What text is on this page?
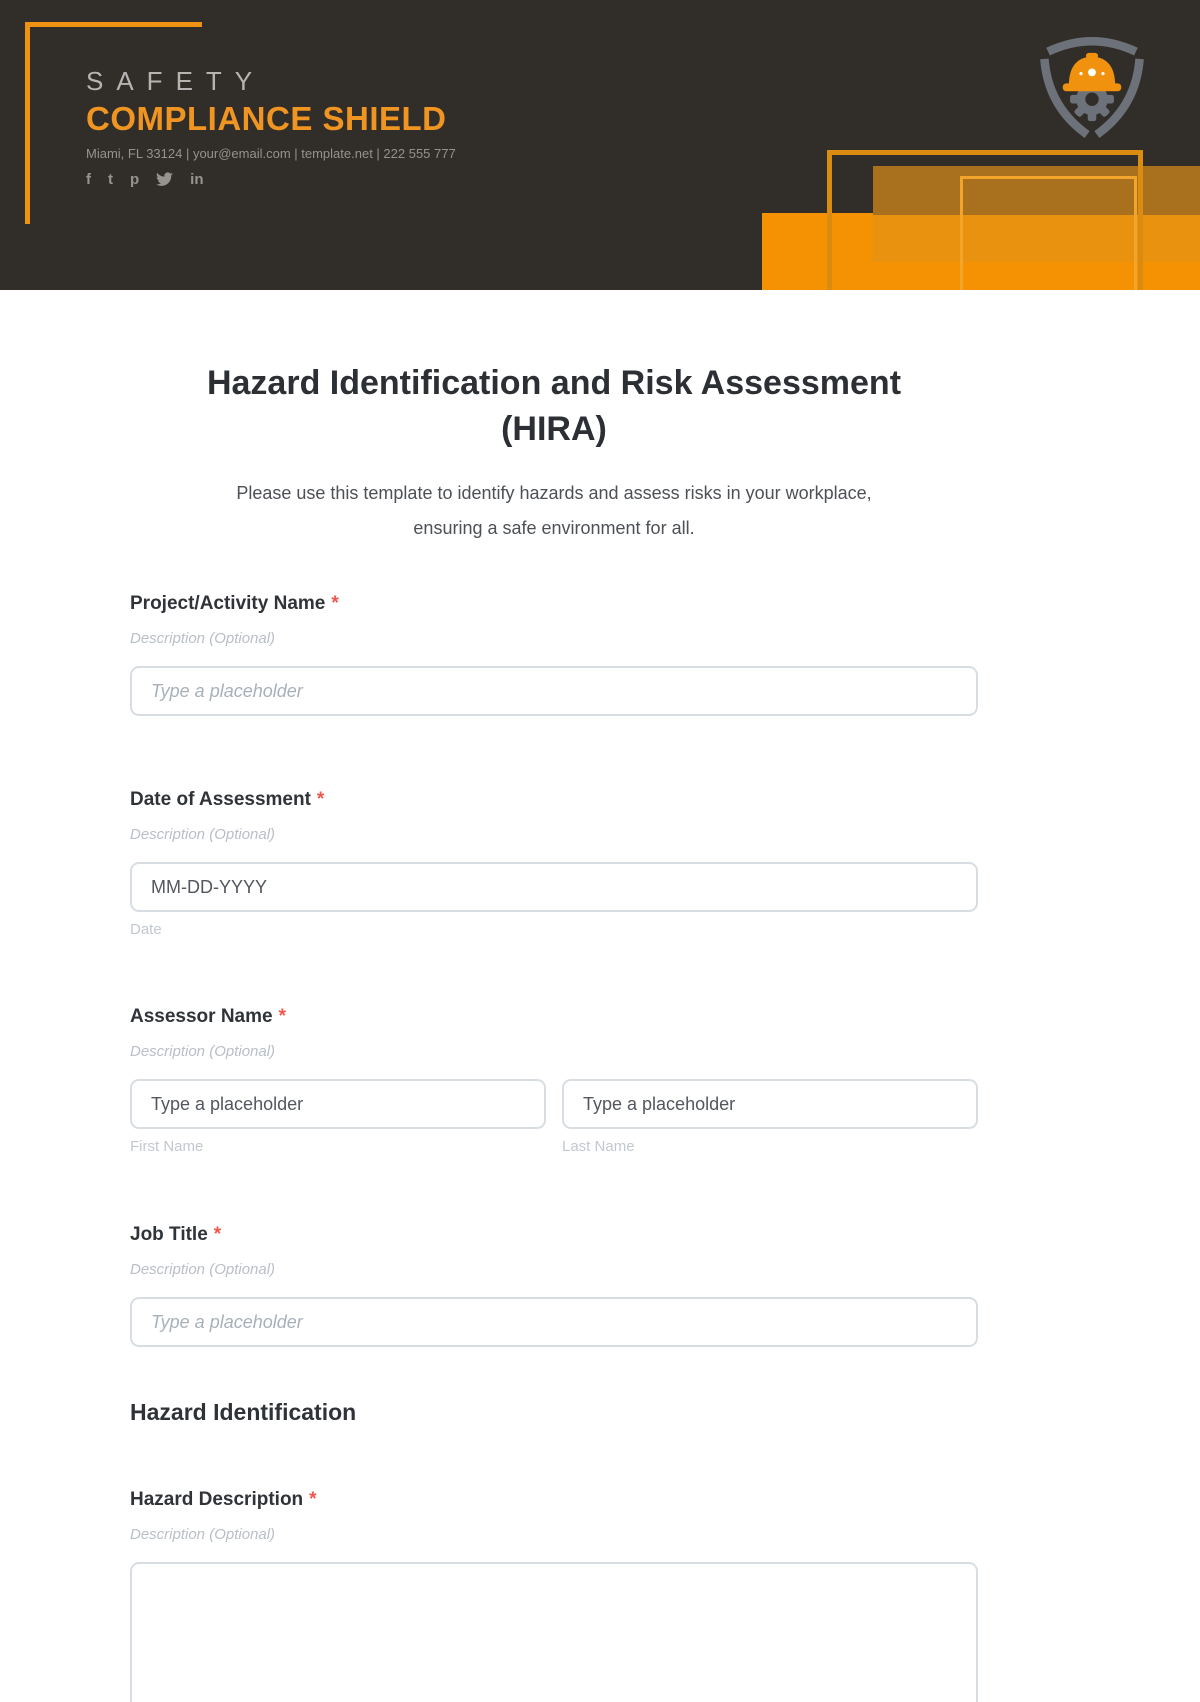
SAFETY
COMPLIANCE SHIELD
Miami, FL 33124 | your@email.com | template.net | 222 555 777
f t p	in
Hazard Identification and Risk Assessment
(HIRA)

Please use this template to identify hazards and assess risks in your workplace,
ensuring a safe environment for all.

Project/Activity Name *
Description (Optional)
Type a placeholder
Date of Assessment *
Description (Optional)
MM-DD-YYYY
Date
Assessor Name *
Description (Optional)
Type a placeholder
First Name
Type a placeholder	Last Name
Job Title *
Description (Optional)
Type a placeholder
Hazard Identification
Hazard Description *
Description (Optional)
